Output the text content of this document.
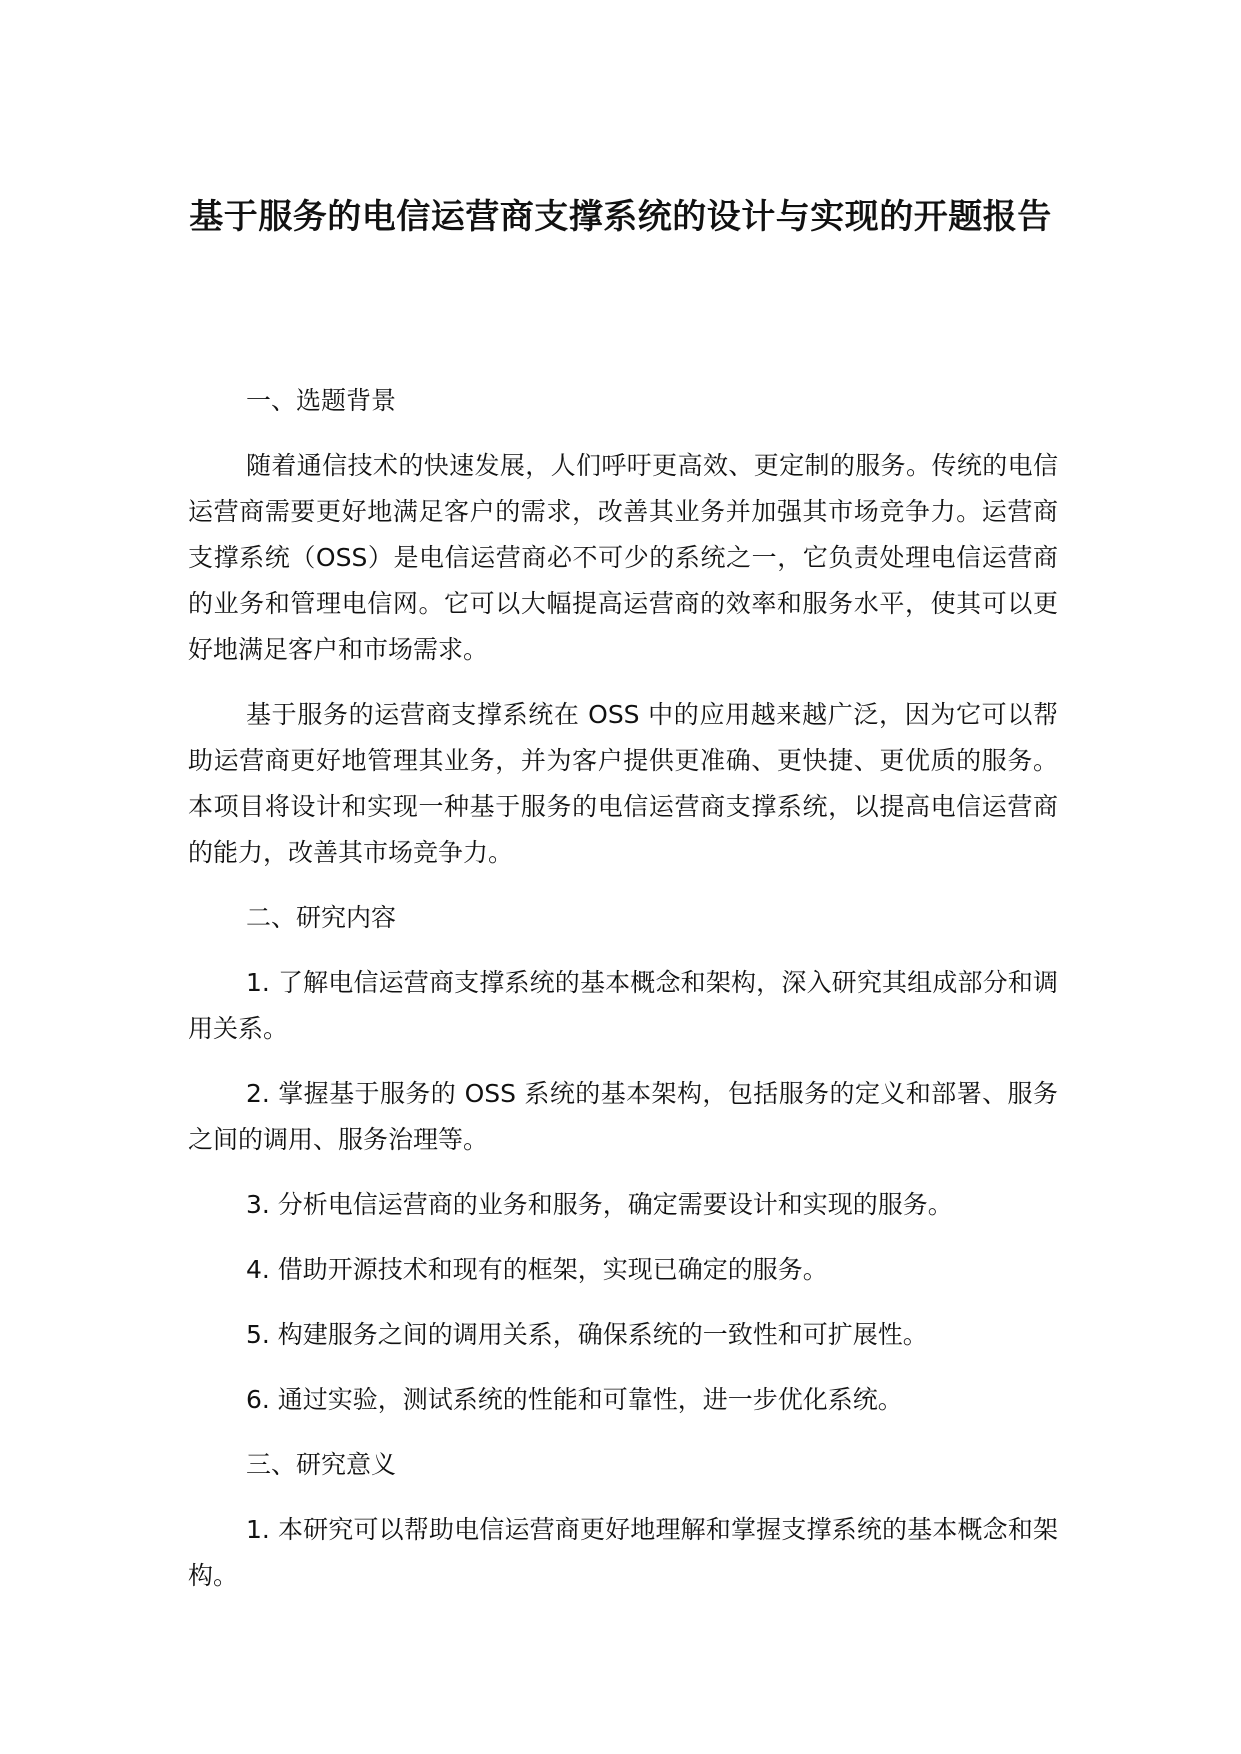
基于服务的电信运营商支撑系统的设计与实现的开题报告

一、选题背景

随着通信技术的快速发展，人们呼吁更高效、更定制的服务。传统的电信运营商需要更好地满足客户的需求，改善其业务并加强其市场竞争力。运营商支撑系统（OSS）是电信运营商必不可少的系统之一，它负责处理电信运营商的业务和管理电信网。它可以大幅提高运营商的效率和服务水平，使其可以更好地满足客户和市场需求。

基于服务的运营商支撑系统在 OSS 中的应用越来越广泛，因为它可以帮助运营商更好地管理其业务，并为客户提供更准确、更快捷、更优质的服务。 本项目将设计和实现一种基于服务的电信运营商支撑系统，以提高电信运营商的能力，改善其市场竞争力。

二、研究内容

1. 了解电信运营商支撑系统的基本概念和架构，深入研究其组成部分和调用关系。

2. 掌握基于服务的 OSS 系统的基本架构，包括服务的定义和部署、服务之间的调用、服务治理等。

3. 分析电信运营商的业务和服务，确定需要设计和实现的服务。

4. 借助开源技术和现有的框架，实现已确定的服务。

5. 构建服务之间的调用关系，确保系统的一致性和可扩展性。

6. 通过实验，测试系统的性能和可靠性，进一步优化系统。

三、研究意义

1. 本研究可以帮助电信运营商更好地理解和掌握支撑系统的基本概念和架构。
